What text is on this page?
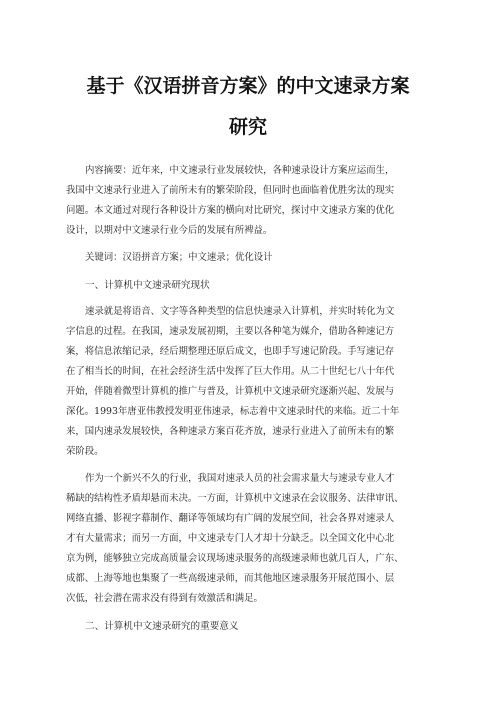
基于《汉语拼音方案》的中文速录方案
研究
内容摘要：近年来，中文速录行业发展较快，各种速录设计方案应运而生，
我国中文速录行业进入了前所未有的繁荣阶段，但同时也面临着优胜劣汰的现实
问题。本文通过对现行各种设计方案的横向对比研究，探讨中文速录方案的优化
设计，以期对中文速录行业今后的发展有所裨益。
关键词：汉语拼音方案；中文速录；优化设计
一、计算机中文速录研究现状
速录就是将语音、文字等各种类型的信息快速录入计算机，并实时转化为文
字信息的过程。在我国，速录发展初期，主要以各种笔为媒介，借助各种速记方
案，将信息浓缩记录，经后期整理还原后成文，也即手写速记阶段。手写速记存
在了相当长的时间，在社会经济生活中发挥了巨大作用。从二十世纪七八十年代
开始，伴随着微型计算机的推广与普及，计算机中文速录研究逐渐兴起、发展与
深化。1993年唐亚伟教授发明亚伟速录，标志着中文速录时代的来临。近二十年
来，国内速录发展较快，各种速录方案百花齐放，速录行业进入了前所未有的繁
荣阶段。
作为一个新兴不久的行业，我国对速录人员的社会需求量大与速录专业人才
稀缺的结构性矛盾却悬而未决。一方面，计算机中文速录在会议服务、法律审讯、
网络直播、影视字幕制作、翻译等领域均有广阔的发展空间，社会各界对速录人
才有大量需求；而另一方面，中文速录专门人才却十分缺乏。以全国文化中心北
京为例，能够独立完成高质量会议现场速录服务的高级速录师也就几百人，广东、
成都、上海等地也集聚了一些高级速录师，而其他地区速录服务开展范围小、层
次低，社会潜在需求没有得到有效激活和满足。
二、计算机中文速录研究的重要意义
